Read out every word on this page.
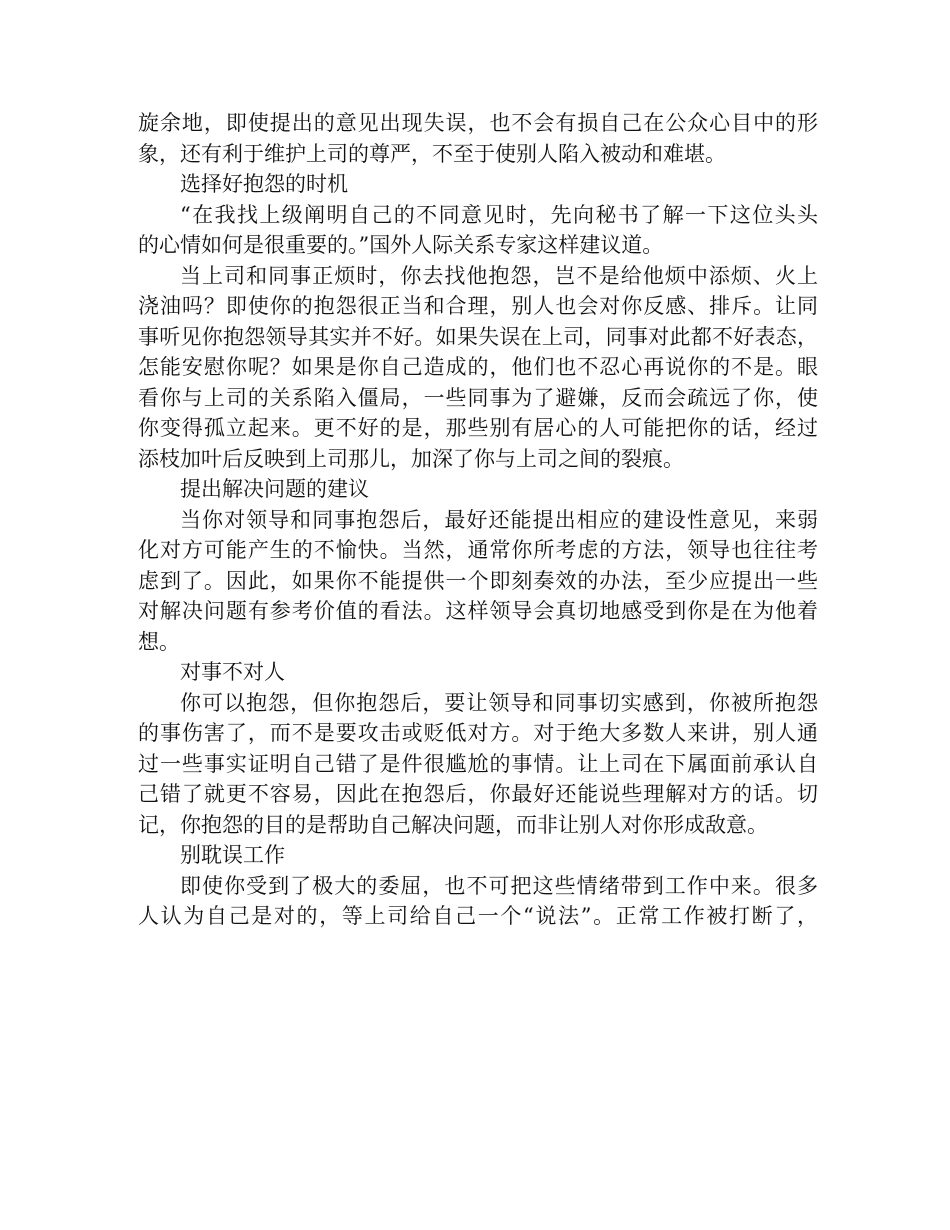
旋余地，即使提出的意见出现失误，也不会有损自己在公众心目中的形
象，还有利于维护上司的尊严，不至于使别人陷入被动和难堪。
选择好抱怨的时机
“在我找上级阐明自己的不同意见时，先向秘书了解一下这位头头
的心情如何是很重要的。”国外人际关系专家这样建议道。
当上司和同事正烦时，你去找他抱怨，岂不是给他烦中添烦、火上
浇油吗？即使你的抱怨很正当和合理，别人也会对你反感、排斥。让同
事听见你抱怨领导其实并不好。如果失误在上司，同事对此都不好表态，
怎能安慰你呢？如果是你自己造成的，他们也不忍心再说你的不是。眼
看你与上司的关系陷入僵局，一些同事为了避嫌，反而会疏远了你，使
你变得孤立起来。更不好的是，那些别有居心的人可能把你的话，经过
添枝加叶后反映到上司那儿，加深了你与上司之间的裂痕。
提出解决问题的建议
当你对领导和同事抱怨后，最好还能提出相应的建设性意见，来弱
化对方可能产生的不愉快。当然，通常你所考虑的方法，领导也往往考
虑到了。因此，如果你不能提供一个即刻奏效的办法，至少应提出一些
对解决问题有参考价值的看法。这样领导会真切地感受到你是在为他着
想。
对事不对人
你可以抱怨，但你抱怨后，要让领导和同事切实感到，你被所抱怨
的事伤害了，而不是要攻击或贬低对方。对于绝大多数人来讲，别人通
过一些事实证明自己错了是件很尴尬的事情。让上司在下属面前承认自
己错了就更不容易，因此在抱怨后，你最好还能说些理解对方的话。切
记，你抱怨的目的是帮助自己解决问题，而非让别人对你形成敌意。
别耽误工作
即使你受到了极大的委屈，也不可把这些情绪带到工作中来。很多
人认为自己是对的，等上司给自己一个“说法”。正常工作被打断了，
